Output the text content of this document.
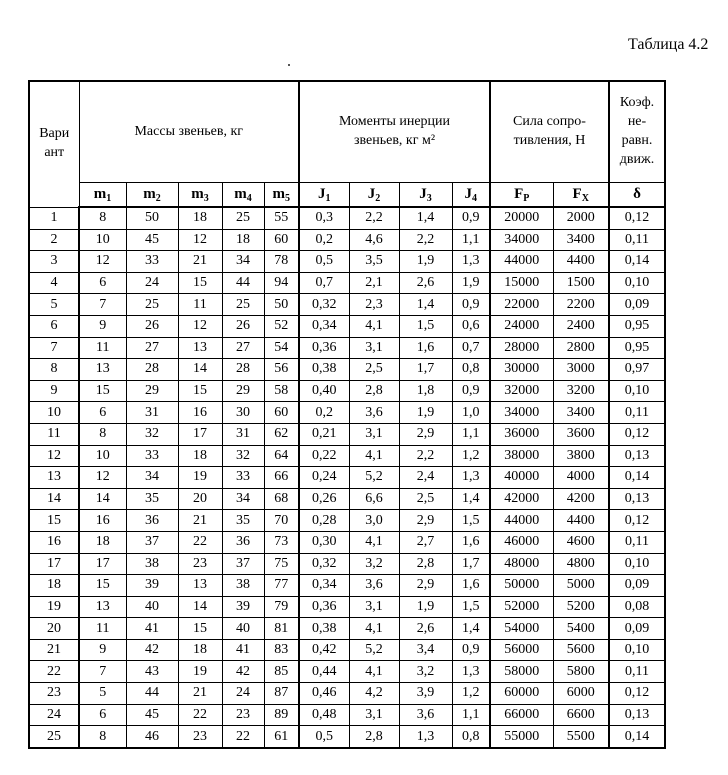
Таблица 4.2
Вари ант	Массы звеньев, кг					Моменты инерции звеньев, кг м²				Сила сопро- тивления, Н		Коэф. не- равн. движ.
	$m_1$	$m_2$	$m_3$	$m_4$	$m_5$	$J_1$	$J_2$	$J_3$	$J_4$	$F_P$	$F_X$	δ
1	8	50	18	25	55	0,3	2,2	1,4	0,9	20000	2000	0,12
2	10	45	12	18	60	0,2	4,6	2,2	1,1	34000	3400	0,11
3	12	33	21	34	78	0,5	3,5	1,9	1,3	44000	4400	0,14
4	6	24	15	44	94	0,7	2,1	2,6	1,9	15000	1500	0,10
5	7	25	11	25	50	0,32	2,3	1,4	0,9	22000	2200	0,09
6	9	26	12	26	52	0,34	4,1	1,5	0,6	24000	2400	0,95
7	11	27	13	27	54	0,36	3,1	1,6	0,7	28000	2800	0,95
8	13	28	14	28	56	0,38	2,5	1,7	0,8	30000	3000	0,97
9	15	29	15	29	58	0,40	2,8	1,8	0,9	32000	3200	0,10
10	6	31	16	30	60	0,2	3,6	1,9	1,0	34000	3400	0,11
11	8	32	17	31	62	0,21	3,1	2,9	1,1	36000	3600	0,12
12	10	33	18	32	64	0,22	4,1	2,2	1,2	38000	3800	0,13
13	12	34	19	33	66	0,24	5,2	2,4	1,3	40000	4000	0,14
14	14	35	20	34	68	0,26	6,6	2,5	1,4	42000	4200	0,13
15	16	36	21	35	70	0,28	3,0	2,9	1,5	44000	4400	0,12
16	18	37	22	36	73	0,30	4,1	2,7	1,6	46000	4600	0,11
17	17	38	23	37	75	0,32	3,2	2,8	1,7	48000	4800	0,10
18	15	39	13	38	77	0,34	3,6	2,9	1,6	50000	5000	0,09
19	13	40	14	39	79	0,36	3,1	1,9	1,5	52000	5200	0,08
20	11	41	15	40	81	0,38	4,1	2,6	1,4	54000	5400	0,09
21	9	42	18	41	83	0,42	5,2	3,4	0,9	56000	5600	0,10
22	7	43	19	42	85	0,44	4,1	3,2	1,3	58000	5800	0,11
23	5	44	21	24	87	0,46	4,2	3,9	1,2	60000	6000	0,12
24	6	45	22	23	89	0,48	3,1	3,6	1,1	66000	6600	0,13
25	8	46	23	22	61	0,5	2,8	1,3	0,8	55000	5500	0,14
